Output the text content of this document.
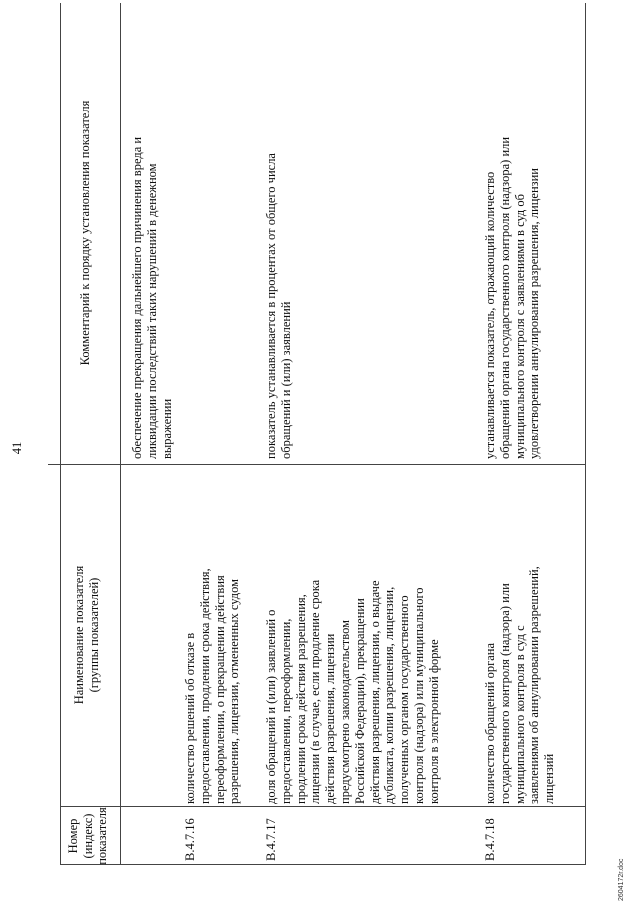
41
Номер (индекс) показателя
Наименование показателя (группы показателей)
Комментарий к порядку установления показателя	обеспечение прекращения дальнейшего причинения вреда и ликвидации последствий таких нарушений в денежном выражении
В.4.7.16
количество решений об отказе в предоставлении, продлении срока действия, переоформлении, о прекращении действия разрешения, лицензии, отмененных судом
В.4.7.17
доля обращений и (или) заявлений о предоставлении, переоформлении, продлении срока действия разрешения, лицензии (в случае, если продление срока действия разрешения, лицензии предусмотрено законодательством Российской Федерации), прекращении действия разрешения, лицензии, о выдаче дубликата, копии разрешения, лицензии, полученных органом государственного контроля (надзора) или муниципального контроля в электронной форме
показатель устанавливается в процентах от общего числа обращений и (или) заявлений
В.4.7.18
количество обращений органа государственного контроля (надзора) или муниципального контроля в суд с заявлениями об аннулировании разрешений, лицензий
устанавливается показатель, отражающий количество обращений органа государственного контроля (надзора) или муниципального контроля с заявлениями в суд об удовлетворении аннулирования разрешения, лицензии
2604172r.doc
